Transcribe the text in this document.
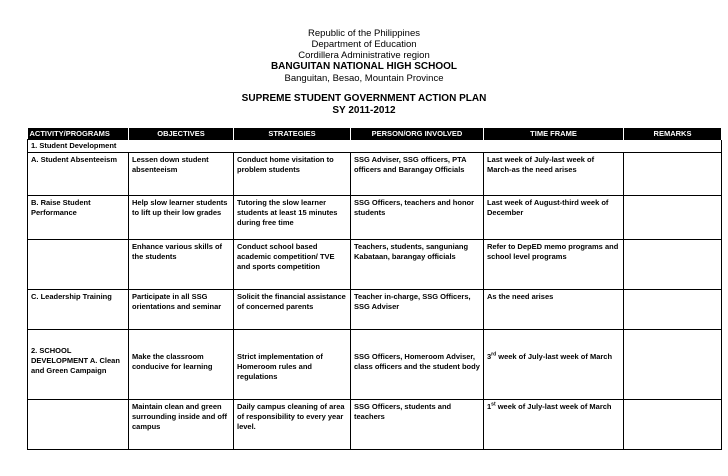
Republic of the Philippines
Department of Education
Cordillera Administrative region
BANGUITAN NATIONAL HIGH SCHOOL
Banguitan, Besao, Mountain Province
SUPREME STUDENT GOVERNMENT ACTION PLAN
SY 2011-2012
ACTIVITY/PROGRAMS	OBJECTIVES	STRATEGIES	PERSON/ORG INVOLVED	TIME FRAME	REMARKS
1. Student Development					
A. Student Absenteeism	Lessen down student absenteeism	Conduct home visitation to problem students	SSG Adviser, SSG officers, PTA officers and Barangay Officials	Last week of July-last week of March-as the need arises	
B. Raise Student Performance	Help slow learner students to lift up their low grades	Tutoring the slow learner students at least 15 minutes during free time	SSG Officers, teachers and honor students	Last week of August-third week of December	
	Enhance various skills of the students	Conduct school based academic competition/ TVE and sports competition	Teachers, students, sanguniang Kabataan, barangay officials	Refer to DepED memo programs and school level programs	
C. Leadership Training	Participate in all SSG orientations and seminar	Solicit the financial assistance of concerned parents	Teacher in-charge, SSG Officers, SSG Adviser	As the need arises	
2. SCHOOL DEVELOPMENT A. Clean and Green Campaign	Make the classroom conducive for learning	Strict implementation of Homeroom rules and regulations	SSG Officers, Homeroom Adviser, class officers and the student body	3rd week of July-last week of March	
	Maintain clean and green surrounding inside and off campus	Daily campus cleaning of area of responsibility to every year level.	SSG Officers, students and teachers	1st week of July-last week of March	
